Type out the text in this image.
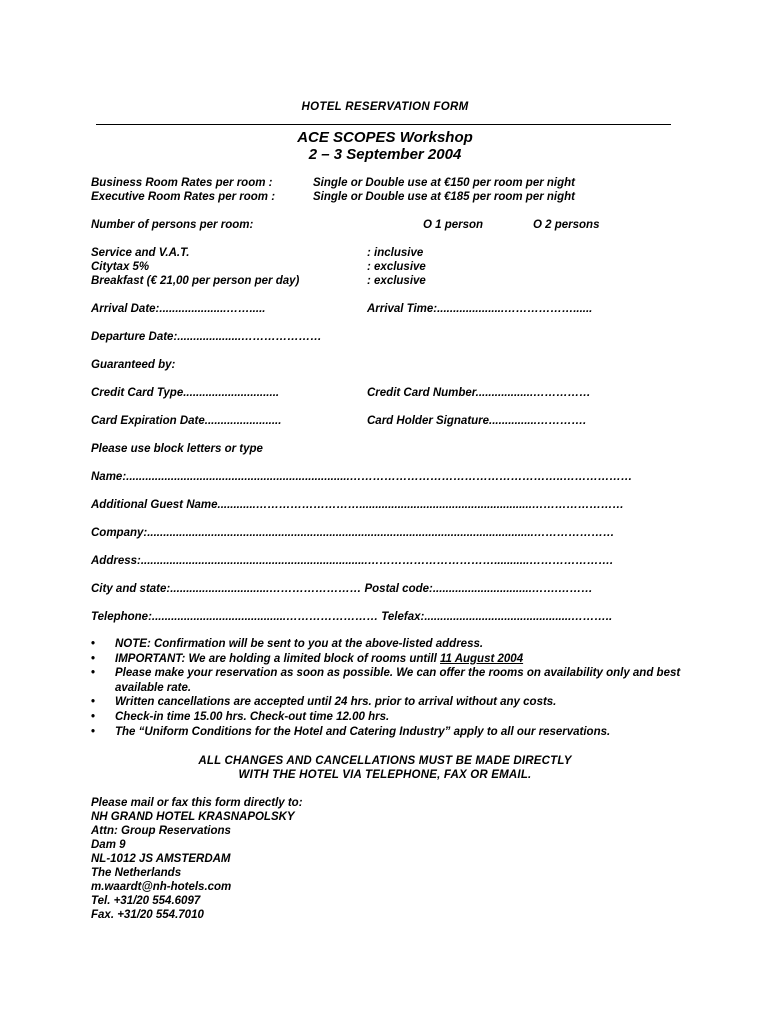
HOTEL RESERVATION FORM
ACE SCOPES Workshop
2 – 3 September 2004
Business Room Rates per room :	Single or Double use at €150 per room per night
Executive Room Rates per room :	Single or Double use at €185 per room per night
Number of persons per room:	O 1 person	O 2 persons
Service and V.A.T.	: inclusive
Citytax 5%	: exclusive
Breakfast (€ 21,00 per person per day)	: exclusive
Arrival Date:.....................…….....	Arrival Time:.....................………………......
Departure Date:....................…………………
Guaranteed by:
Credit Card Type..............................	Credit Card Number..................……………
Card Expiration Date........................	Card Holder Signature...............………….
Please use block letters or type
Name:......................................................................………………………………………………..………………
Additional Guest Name............………………………......................................................……………………
Company:.........................................................................................................................…………………
Address:.......................................................................……………………………...........………………….
City and state:...............................…………………… Postal code:...............................…….………
Telephone:..........................................…………………… Telefax:..............................................………..
• NOTE: Confirmation will be sent to you at the above-listed address.
• IMPORTANT: We are holding a limited block of rooms untill 11 August 2004
• Please make your reservation as soon as possible. We can offer the rooms on availability only and best available rate.
• Written cancellations are accepted until 24 hrs. prior to arrival without any costs.
• Check-in time 15.00 hrs. Check-out time 12.00 hrs.
• The “Uniform Conditions for the Hotel and Catering Industry” apply to all our reservations.
ALL CHANGES AND CANCELLATIONS MUST BE MADE DIRECTLY
WITH THE HOTEL VIA TELEPHONE, FAX OR EMAIL.
Please mail or fax this form directly to:
NH GRAND HOTEL KRASNAPOLSKY
Attn: Group Reservations
Dam 9
NL-1012 JS AMSTERDAM
The Netherlands
m.waardt@nh-hotels.com
Tel. +31/20 554.6097
Fax. +31/20 554.7010
